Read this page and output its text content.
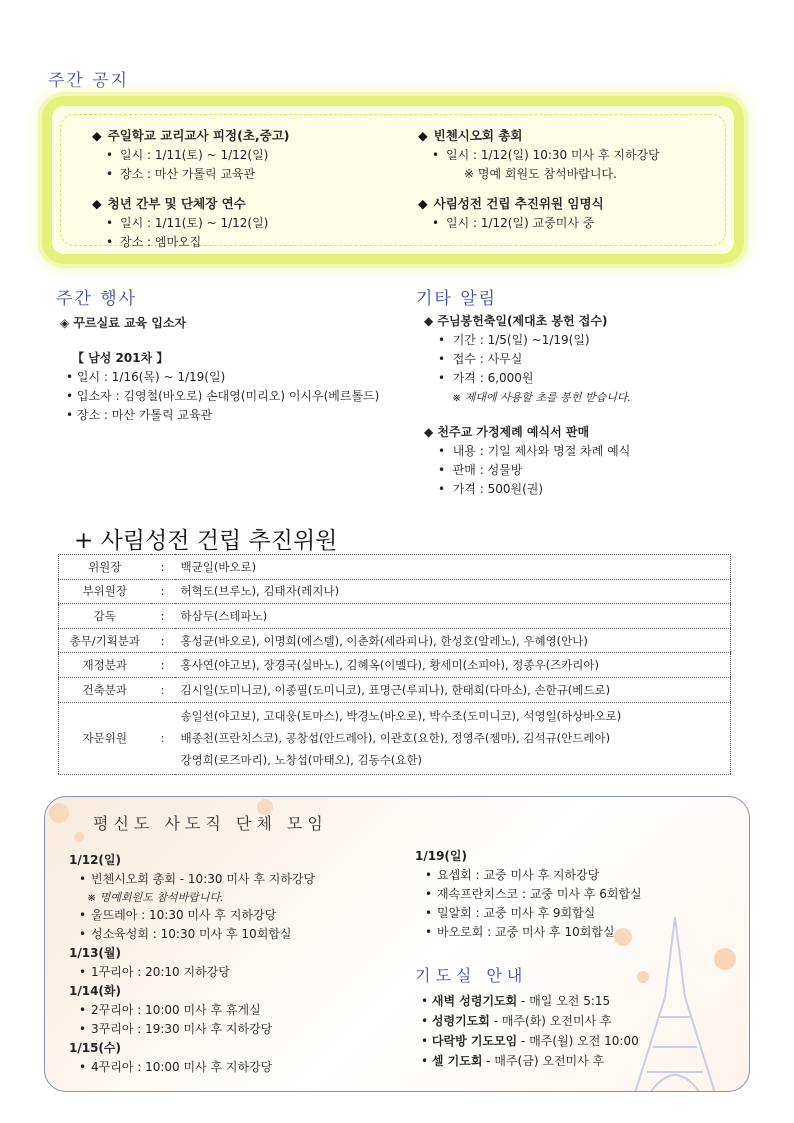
주간 공지
주간 행사	기타 알림
◆ 주일학교 교리교사 피정(초,중고)
• 일시 : 1/11(토) ~ 1/12(일)
• 장소 : 마산 가톨릭 교육관
◆ 청년 간부 및 단체장 연수
• 일시 : 1/11(토) ~ 1/12(일)
• 장소 : 엠마오집
◆ 빈첸시오회 총회
• 일시 : 1/12(일) 10:30 미사 후 지하강당
※ 명예 회원도 참석바랍니다.
◆ 사림성전 건립 추진위원 임명식
• 일시 : 1/12(일) 교중미사 중
◈ 꾸르실료 교육 입소자
【 남성 201차 】
• 일시 : 1/16(목) ~ 1/19(일)
• 입소자 : 김영철(바오로) 손대영(미리오) 이시우(베르톨드)
• 장소 : 마산 가톨릭 교육관
◆ 주님봉헌축일(제대초 봉헌 접수)
• 기간 : 1/5(일) ~1/19(일)
• 접수 : 사무실
• 가격 : 6,000원
※ 제대에 사용할 초를 봉헌 받습니다.
◆ 천주교 가정제례 예식서 판매
• 내용 : 기일 제사와 명절 차례 예식
• 판매 : 성물방
• 가격 : 500원(권)
+ 사림성전 건립 추진위원
위원장	:	백균일(바오로)
부위원장	:	허혁도(브루노), 김태자(레지나)
감독	:	하삼두(스테파노)
총무/기획분과	:	홍성균(바오로), 이명희(에스텔), 이춘화(세라피나), 한성호(알레노), 우혜영(안나)
재정분과	:	홍사연(야고보), 장경국(실바노), 김혜옥(이멜다), 황세미(소피아), 정종우(즈카리아)
건축분과	:	김시일(도미니코), 이종필(도미니코), 표명근(루피나), 한태희(다마소), 손한규(베드로)
자문위원	:	송일선(야고보), 고대웅(토마스), 박경노(바오로), 박수조(도미니코), 석영일(하상바오로)
배종천(프란치스코), 공창섭(안드레아), 이관호(요한), 정영주(젬마), 김석규(안드레아)
강영희(로즈마리), 노창섭(마태오), 김동수(요한)
평신도 사도직 단체 모임
1/12(일)
• 빈첸시오회 총회 - 10:30 미사 후 지하강당
※ 명예회원도 참석바랍니다.
• 울뜨레아 : 10:30 미사 후 지하강당
• 성소육성회 : 10:30 미사 후 10회합실
1/13(월)
• 1꾸리아 : 20:10 지하강당
1/14(화)
• 2꾸리아 : 10:00 미사 후 휴게실
• 3꾸리아 : 19:30 미사 후 지하강당
1/15(수)
• 4꾸리아 : 10:00 미사 후 지하강당
1/19(일)
• 요셉회 : 교중 미사 후 지하강당
• 재속프란치스코 : 교중 미사 후 6회합실
• 밀알회 : 교중 미사 후 9회합실
• 바오로회 : 교중 미사 후 10회합실
기도실 안내
• 새벽 성령기도회 - 매일 오전 5:15
• 성령기도회 - 매주(화) 오전미사 후
• 다락방 기도모임 - 매주(월) 오전 10:00
• 셀 기도회 - 매주(금) 오전미사 후
